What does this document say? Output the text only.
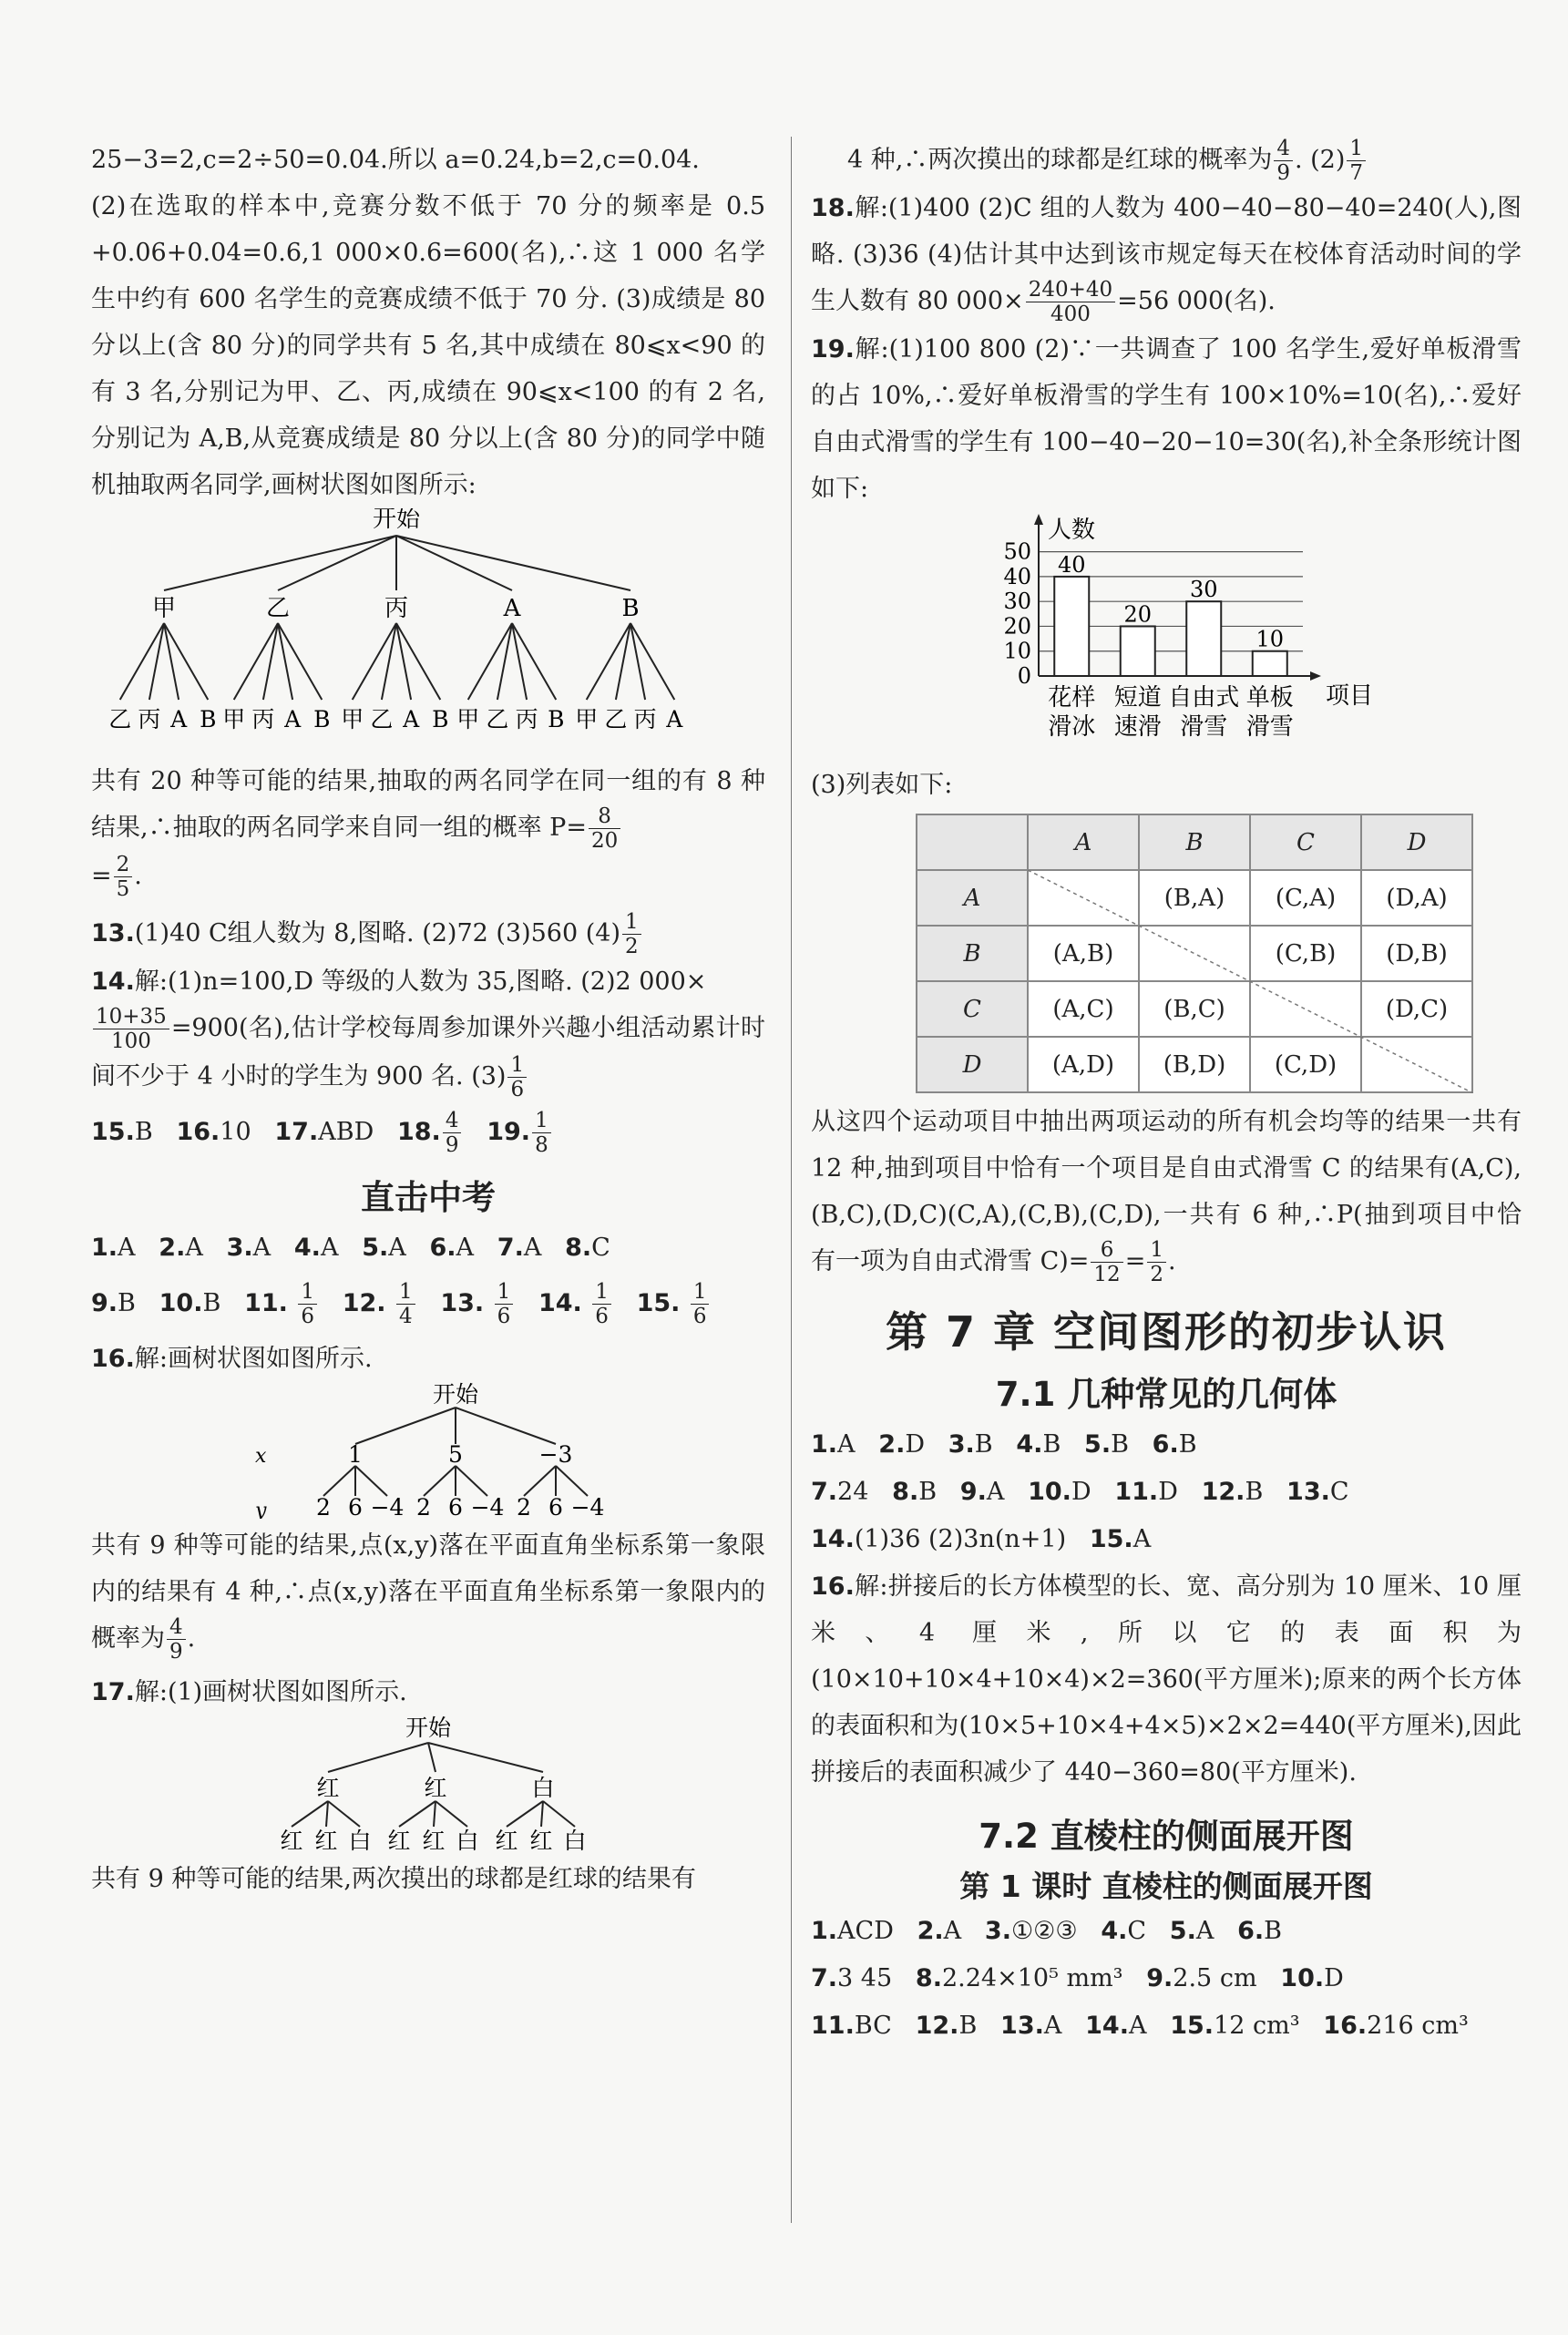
25−3=2,c=2÷50=0.04.所以 a=0.24,b=2,c=0.04.

(2)在选取的样本中,竞赛分数不低于 70 分的频率是 0.5 +0.06+0.04=0.6,1 000×0.6=600(名),∴这 1 000 名学生中约有 600 名学生的竞赛成绩不低于 70 分. (3)成绩是 80 分以上(含 80 分)的同学共有 5 名,其中成绩在 80⩽x<90 的有 3 名,分别记为甲、乙、丙,成绩在 90⩽x<100 的有 2 名,分别记为 A,B,从竞赛成绩是 80 分以上(含 80 分)的同学中随机抽取两名同学,画树状图如图所示:

开始
甲
乙 丙 A B
乙
甲 丙 A B
丙
甲 乙 A B
A
甲 乙 丙 B
B
甲 乙 丙 A

共有 20 种等可能的结果,抽取的两名同学在同一组的有 8 种结果,∴抽取的两名同学来自同一组的概率 $P= \frac{8}{20}$

= $\frac{2}{5}$ .

13.(1)40 C组人数为 8,图略. (2)72 (3)560 $(4) \frac{1}{2}$

14.解:(1)n=100,D 等级的人数为 35,图略. (2)2 000×

$\frac{10+35}{100} =900$(名),估计学校每周参加课外兴趣小组活动累计时间不少于 4 小时的学生为 900 名. $(3) \frac{1}{6}$

15.B 16.10 17.ABD 18. $\frac{4}{9} 19$. $\frac{1}{8}$

直击中考
1.A   2.A   3.A   4.A   5.A   6.A   7.A   8.C
9.B   10.B   11. $\frac{1}{6} 12$. $\frac{1}{4} 13$. $\frac{1}{6} 14$. $\frac{1}{6} 15$. $\frac{1}{6}$

16.解:画树状图如图所示.

开始
x
y
1	5	−3
2 6 −4 2 6 −4 2 6 −4

共有 9 种等可能的结果,点(x,y)落在平面直角坐标系第一象限内的结果有 4 种,∴点(x,y)落在平面直角坐标系第一象限内的概率为 $\frac{4}{9}$ .

17.解:(1)画树状图如图所示.

开始
红	红	白
红 红 白 红 红 白 红 红 白

共有 9 种等可能的结果,两次摸出的球都是红球的结果有

4 种,∴两次摸出的球都是红球的概率为 $\frac{4}{9}$ . $(2) \frac{1}{7}$

18.解:(1)400 (2)C 组的人数为 400−40−80−40=240(人),图略. (3)36 (4)估计其中达到该市规定每天在校体育活动时间的学生人数有 80 $000\times \frac{240+40}{400} =56$ 000(名).

19.解:(1)100 800 (2)∵一共调查了 100 名学生,爱好单板滑雪的占 10%,∴爱好单板滑雪的学生有 100×10%=10(名),∴爱好自由式滑雪的学生有 100−40−20−10=30(名),补全条形统计图如下:

0
10
20
30
40
50
人数
项目
40
花样
滑冰
20
短道
速滑
30
自由式
滑雪
10
单板
滑雪

(3)列表如下:

	A	B	C	D
A		(B,A)	(C,A)	(D,A)
B	(A,B)		(C,B)	(D,B)
C	(A,C)	(B,C)		(D,C)
D	(A,D)	(B,D)	(C,D)	

从这四个运动项目中抽出两项运动的所有机会均等的结果一共有 12 种,抽到项目中恰有一个项目是自由式滑雪 C 的结果有(A,C),(B,C),(D,C)(C,A),(C,B),(C,D),一共有 6 种,∴P(抽到项目中恰有一项为自由式滑雪 $C)= \frac{6}{12} = \frac{1}{2}$ .

第 7 章 空间图形的初步认识
7.1 几种常见的几何体
1.A   2.D   3.B   4.B   5.B   6.B
7.24   8.B   9.A   10.D   11.D   12.B   13.C
14.(1)36 (2)3n(n+1)   15.A

16.解:拼接后的长方体模型的长、宽、高分别为 10 厘米、10 厘米、4 厘米,所以它的表面积为(10×10+10×4+10×4)×2=360(平方厘米);原来的两个长方体的表面积和为(10×5+10×4+4×5)×2×2=440(平方厘米),因此拼接后的表面积减少了 440−360=80(平方厘米).

7.2 直棱柱的侧面展开图
第 1 课时 直棱柱的侧面展开图
1.ACD   2.A   3.①②③   4.C   5.A   6.B
7.3 45   8.2.24×10⁵ mm³   9.2.5 cm   10.D
11.BC   12.B   13.A   14.A   15.12 cm³   16.216 cm³
